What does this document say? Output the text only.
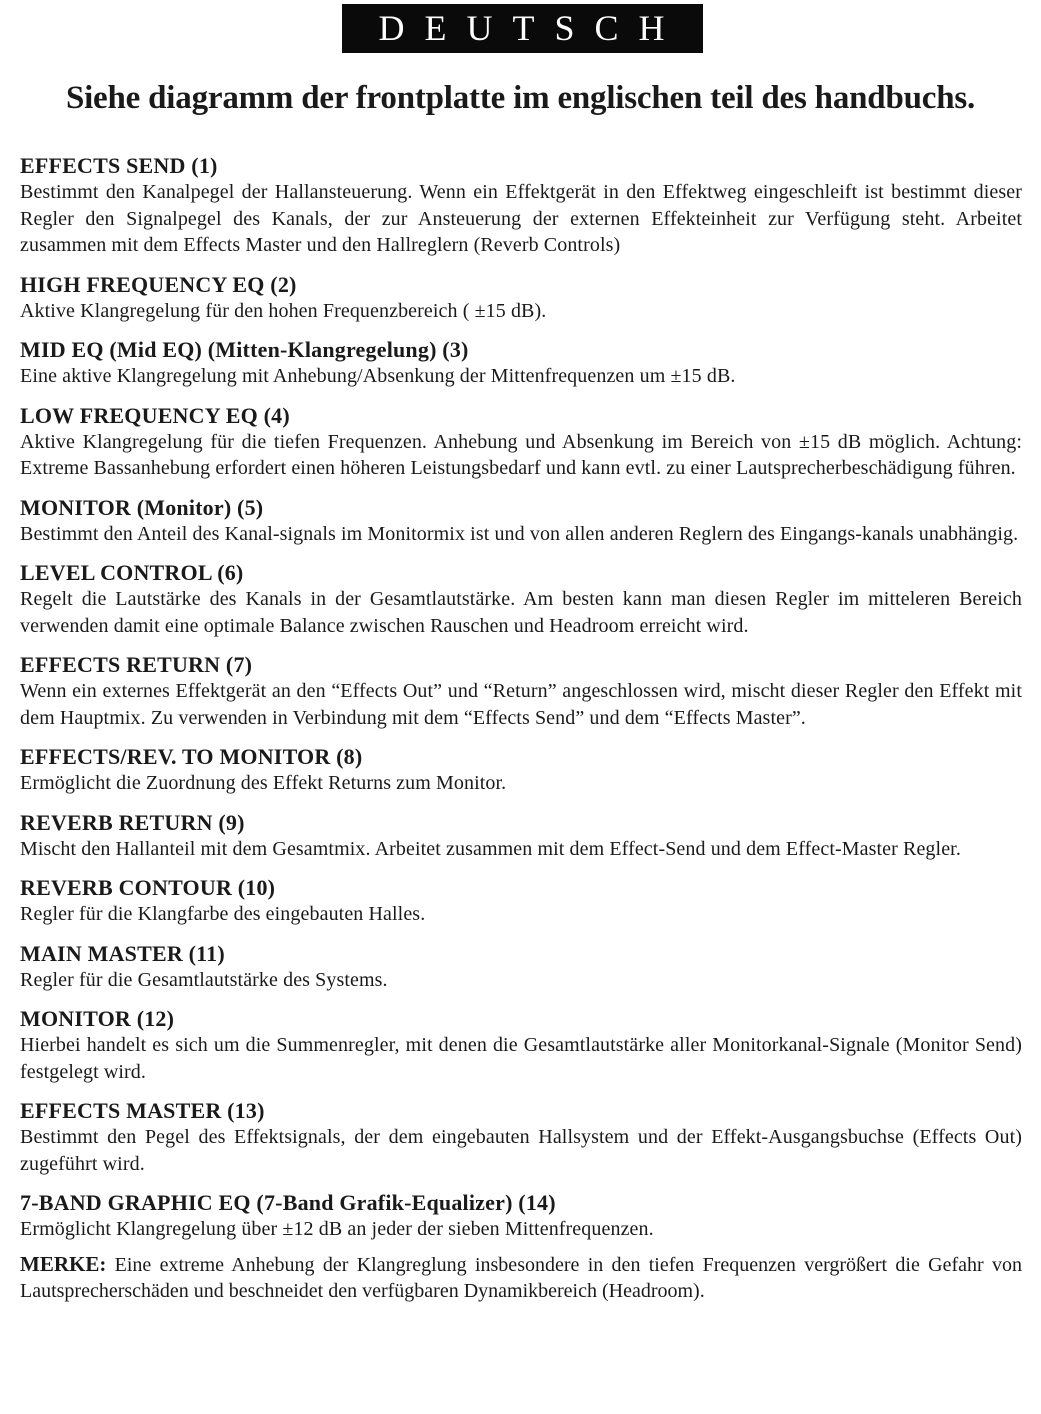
DEUTSCH
Siehe diagramm der frontplatte im englischen teil des handbuchs.

EFFECTS SEND (1)

Bestimmt den Kanalpegel der Hallansteuerung. Wenn ein Effektgerät in den Effektweg eingeschleift ist bestimmt dieser Regler den Signalpegel des Kanals, der zur Ansteuerung der externen Effekteinheit zur Verfügung steht. Arbeitet zusammen mit dem Effects Master und den Hallreglern (Reverb Controls)

HIGH FREQUENCY EQ (2)

Aktive Klangregelung für den hohen Frequenzbereich ( ±15 dB).

MID EQ (Mid EQ) (Mitten-Klangregelung) (3)

Eine aktive Klangregelung mit Anhebung/Absenkung der Mittenfrequenzen um ±15 dB.

LOW FREQUENCY EQ (4)

Aktive Klangregelung für die tiefen Frequenzen. Anhebung und Absenkung im Bereich von ±15 dB möglich. Achtung: Extreme Bassanhebung erfordert einen höheren Leistungsbedarf und kann evtl. zu einer Lautsprecherbeschädigung führen.

MONITOR (Monitor) (5)

Bestimmt den Anteil des Kanal-signals im Monitormix ist und von allen anderen Reglern des Eingangs-kanals unabhängig.

LEVEL CONTROL (6)

Regelt die Lautstärke des Kanals in der Gesamtlautstärke. Am besten kann man diesen Regler im mitteleren Bereich verwenden damit eine optimale Balance zwischen Rauschen und Headroom erreicht wird.

EFFECTS RETURN (7)

Wenn ein externes Effektgerät an den “Effects Out” und “Return” angeschlossen wird, mischt dieser Regler den Effekt mit dem Hauptmix. Zu verwenden in Verbindung mit dem “Effects Send” und dem “Effects Master”.

EFFECTS/REV. TO MONITOR (8)

Ermöglicht die Zuordnung des Effekt Returns zum Monitor.

REVERB RETURN (9)

Mischt den Hallanteil mit dem Gesamtmix. Arbeitet zusammen mit dem Effect-Send und dem Effect-Master Regler.

REVERB CONTOUR (10)

Regler für die Klangfarbe des eingebauten Halles.

MAIN MASTER (11)

Regler für die Gesamtlautstärke des Systems.

MONITOR (12)

Hierbei handelt es sich um die Summenregler, mit denen die Gesamtlautstärke aller Monitorkanal-Signale (Monitor Send) festgelegt wird.

EFFECTS MASTER (13)

Bestimmt den Pegel des Effektsignals, der dem eingebauten Hallsystem und der Effekt-Ausgangsbuchse (Effects Out) zugeführt wird.

7-BAND GRAPHIC EQ (7-Band Grafik-Equalizer) (14)

Ermöglicht Klangregelung über ±12 dB an jeder der sieben Mittenfrequenzen.

MERKE: Eine extreme Anhebung der Klangreglung insbesondere in den tiefen Frequenzen vergrößert die Gefahr von Lautsprecherschäden und beschneidet den verfügbaren Dynamikbereich (Headroom).
